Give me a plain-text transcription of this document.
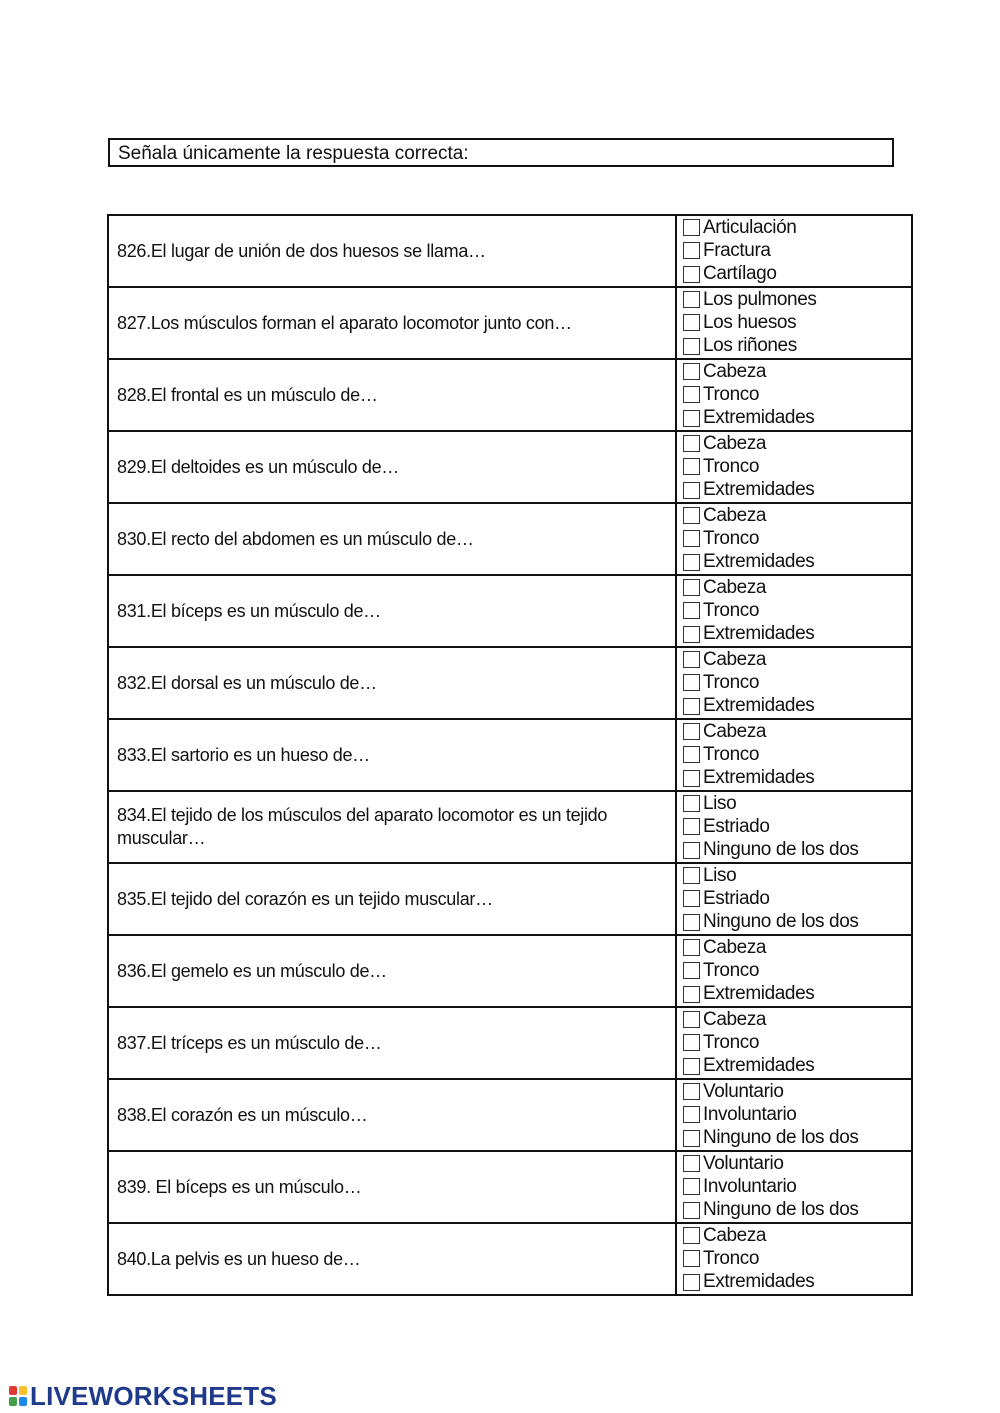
Señala únicamente la respuesta correcta:
826.El lugar de unión de dos huesos se llama…	Articulación
Fractura
Cartílago

827.Los músculos forman el aparato locomotor junto con…	Los pulmones
Los huesos
Los riñones

828.El frontal es un músculo de…	Cabeza
Tronco
Extremidades

829.El deltoides es un músculo de…	Cabeza
Tronco
Extremidades

830.El recto del abdomen es un músculo de…	Cabeza
Tronco
Extremidades

831.El bíceps es un músculo de…	Cabeza
Tronco
Extremidades

832.El dorsal es un músculo de…	Cabeza
Tronco
Extremidades

833.El sartorio es un hueso de…	Cabeza
Tronco
Extremidades

834.El tejido de los músculos del aparato locomotor es un tejido muscular…	Liso
Estriado
Ninguno de los dos

835.El tejido del corazón es un tejido muscular…	Liso
Estriado
Ninguno de los dos

836.El gemelo es un músculo de…	Cabeza
Tronco
Extremidades

837.El tríceps es un músculo de…	Cabeza
Tronco
Extremidades

838.El corazón es un músculo…	Voluntario
Involuntario
Ninguno de los dos

839. El bíceps es un músculo…	Voluntario
Involuntario
Ninguno de los dos

840.La pelvis es un hueso de…	Cabeza
Tronco
Extremidades
LIVEWORKSHEETS
